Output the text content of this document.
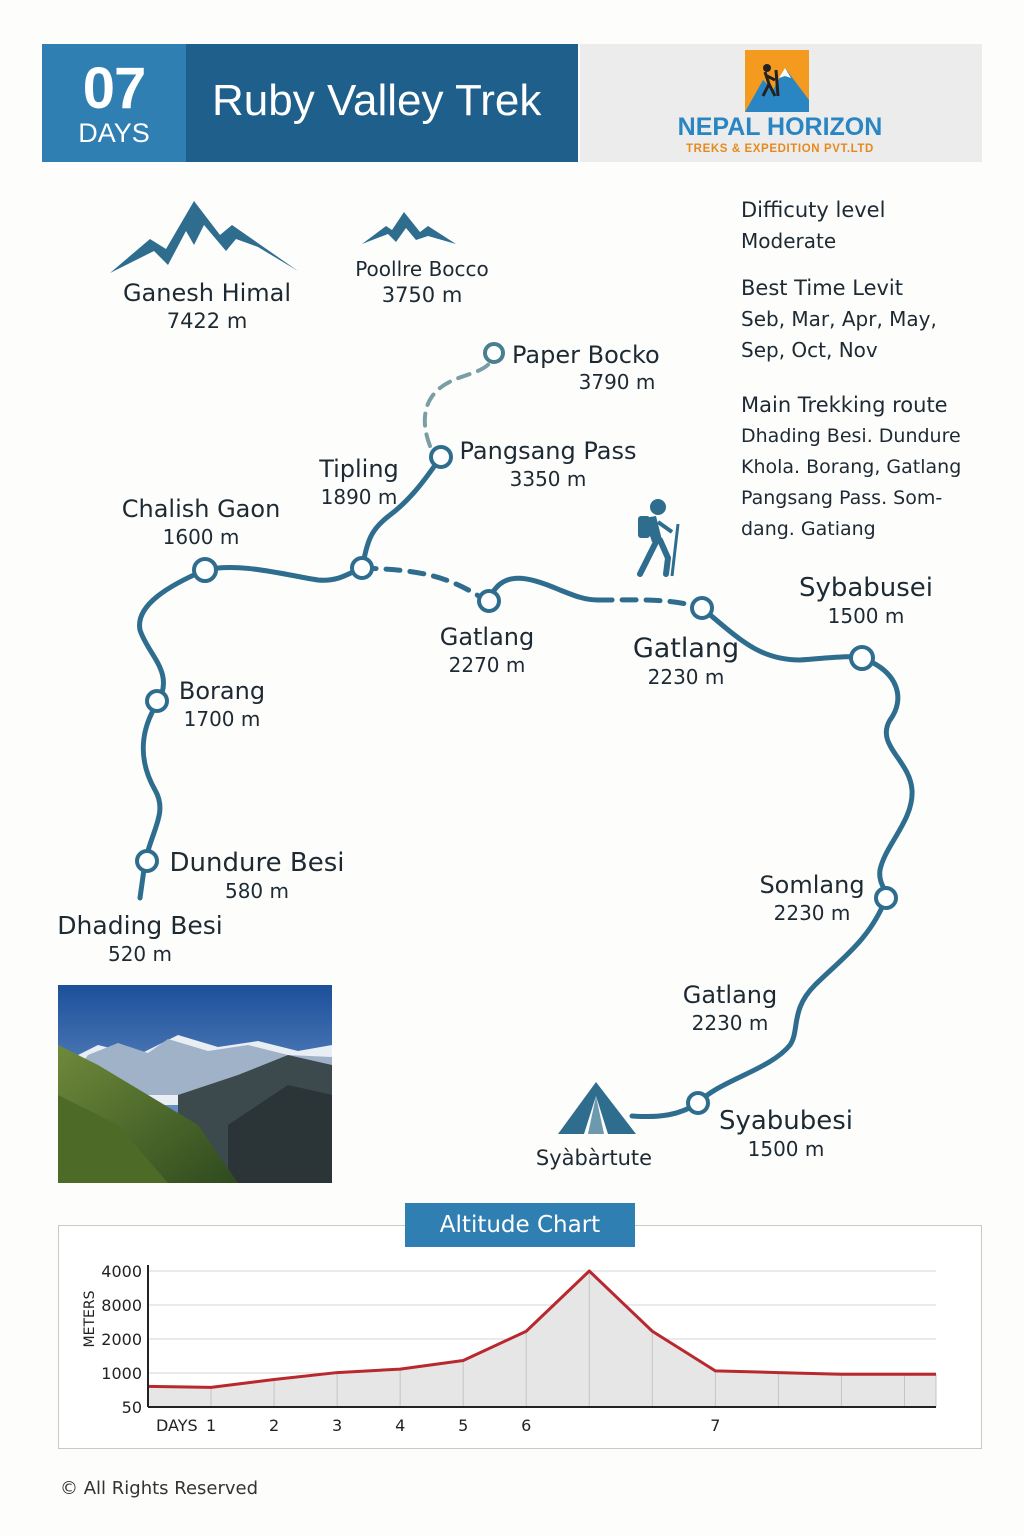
07
DAYS
Ruby Valley Trek
NEPAL HORIZON
TREKS & EXPEDITION PVT.LTD
Ganesh Himal
7422 m
Poollre Bocco
3750 m
Paper Bocko
3790 m
Pangsang Pass
3350 m
Tipling
1890 m
Chalish Gaon
1600 m
Borang
1700 m
Dundure Besi
580 m
Dhading Besi
520 m
Gatlang
2270 m
Gatlang
2230 m
Sybabusei
1500 m
Somlang
2230 m
Gatlang
2230 m
Syabubesi
1500 m
Syàbàrtute
Difficuty level
Moderate
Best Time Levit
Seb, Mar, Apr, May,
Sep, Oct, Nov
Main Trekking route
Dhading Besi. Dundure
Khola. Borang, Gatlang
Pangsang Pass. Som-
dang. Gatiang
Altitude Chart
4000
8000
2000
1000
50
DAYS 1	2	3	4	5	6	7
METERS
© All Rights Reserved
